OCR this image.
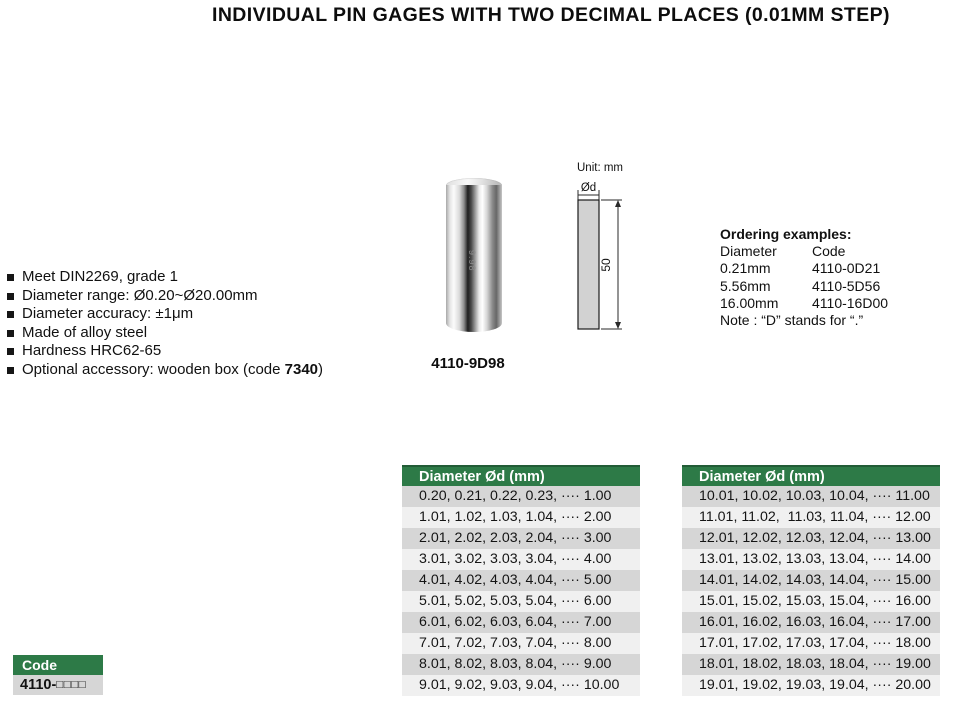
INDIVIDUAL PIN GAGES WITH TWO DECIMAL PLACES (0.01MM STEP)
Meet DIN2269, grade 1
Diameter range: Ø0.20~Ø20.00mm
Diameter accuracy: ±1μm
Made of alloy steel
Hardness HRC62-65
Optional accessory: wooden box (code 7340)
9.98
4110-9D98
Unit: mm
Ød
50
Ordering examples:
Diameter	Code
0.21mm	4110-0D21
5.56mm	4110-5D56
16.00mm 4110-16D00
Note : “D” stands for “.”
Diameter Ød (mm)
0.20, 0.21, 0.22, 0.23, ···· 1.00
1.01, 1.02, 1.03, 1.04, ···· 2.00
2.01, 2.02, 2.03, 2.04, ···· 3.00
3.01, 3.02, 3.03, 3.04, ···· 4.00
4.01, 4.02, 4.03, 4.04, ···· 5.00
5.01, 5.02, 5.03, 5.04, ···· 6.00
6.01, 6.02, 6.03, 6.04, ···· 7.00
7.01, 7.02, 7.03, 7.04, ···· 8.00
8.01, 8.02, 8.03, 8.04, ···· 9.00
9.01, 9.02, 9.03, 9.04, ···· 10.00
Diameter Ød (mm)
10.01, 10.02, 10.03, 10.04, ···· 11.00
11.01, 11.02,  11.03, 11.04, ···· 12.00
12.01, 12.02, 12.03, 12.04, ···· 13.00
13.01, 13.02, 13.03, 13.04, ···· 14.00
14.01, 14.02, 14.03, 14.04, ···· 15.00
15.01, 15.02, 15.03, 15.04, ···· 16.00
16.01, 16.02, 16.03, 16.04, ···· 17.00
17.01, 17.02, 17.03, 17.04, ···· 18.00
18.01, 18.02, 18.03, 18.04, ···· 19.00
19.01, 19.02, 19.03, 19.04, ···· 20.00
Code
4110-□□□□
